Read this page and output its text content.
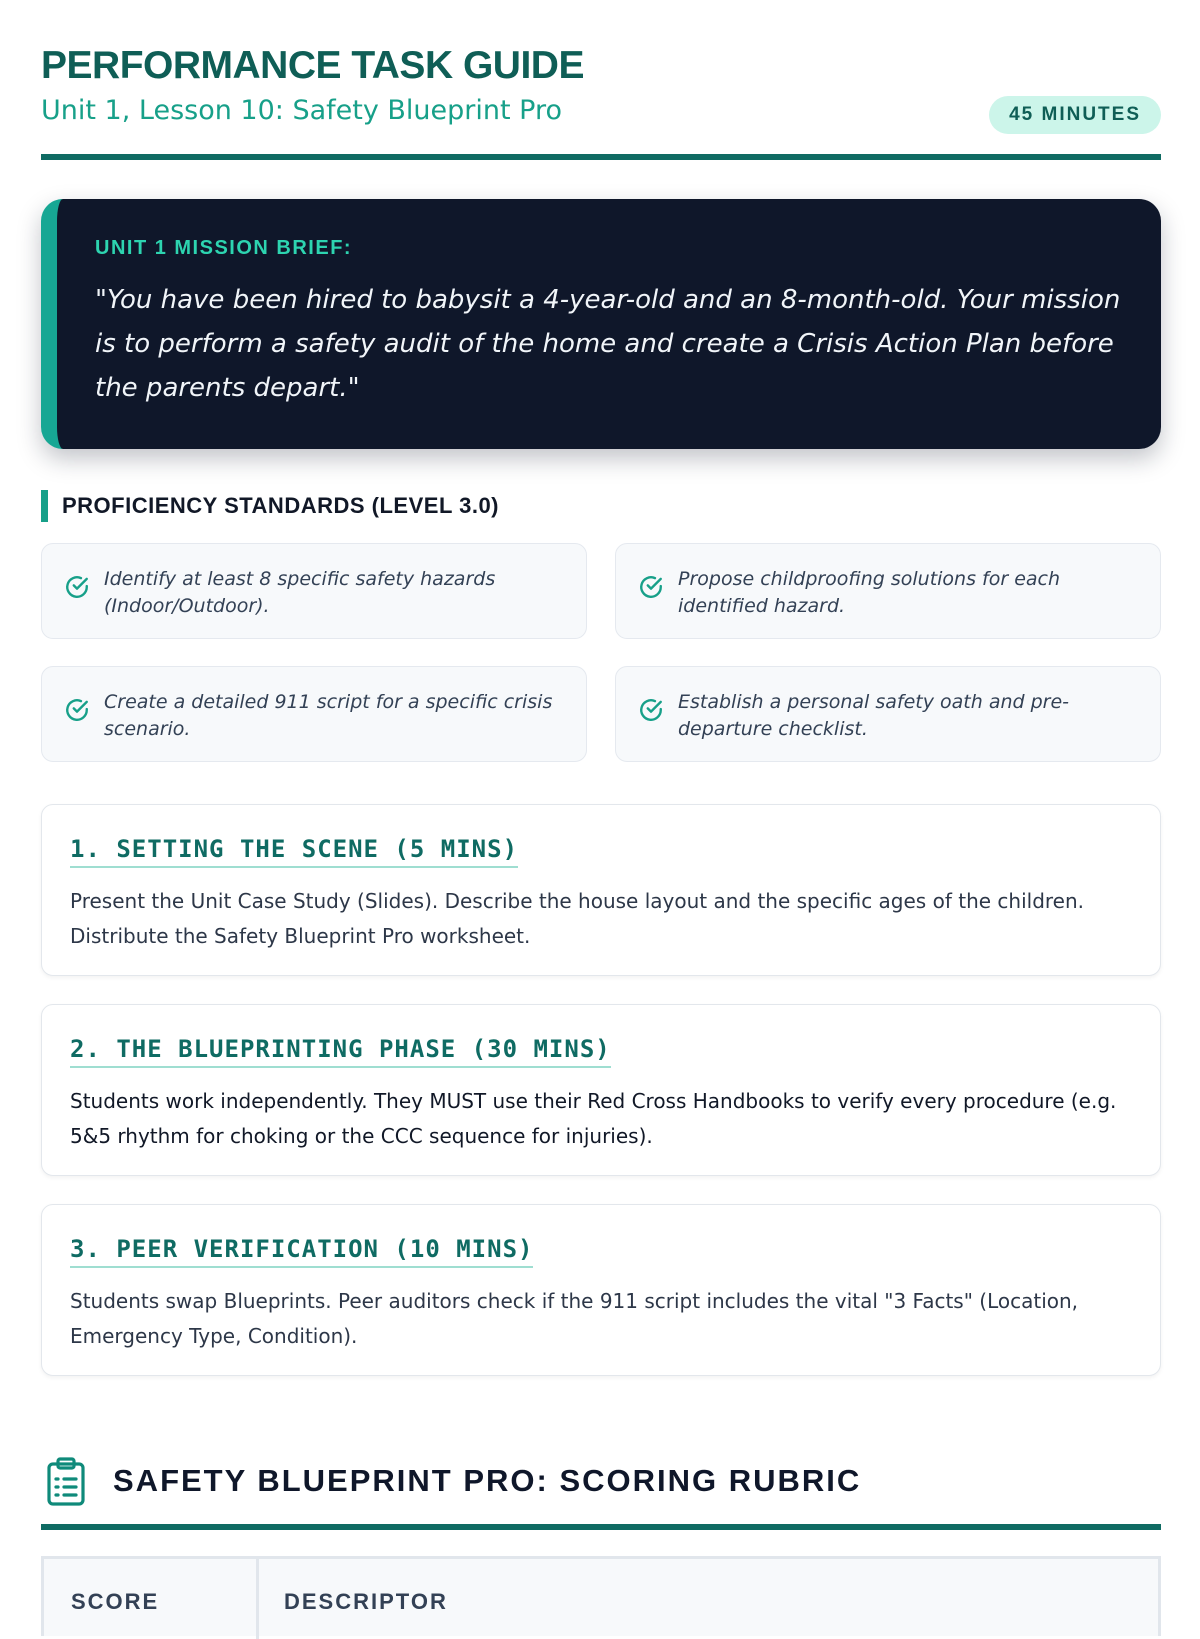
PERFORMANCE TASK GUIDE
Unit 1, Lesson 10: Safety Blueprint Pro	45 MINUTES
UNIT 1 MISSION BRIEF:
"You have been hired to babysit a 4-year-old and an 8-month-old. Your mission is to perform a safety audit of the home and create a Crisis Action Plan before the parents depart."
PROFICIENCY STANDARDS (LEVEL 3.0)
Identify at least 8 specific safety hazards (Indoor/Outdoor).
Propose childproofing solutions for each identified hazard.
Create a detailed 911 script for a specific crisis scenario.
Establish a personal safety oath and pre-departure checklist.
1. SETTING THE SCENE (5 MINS)
Present the Unit Case Study (Slides). Describe the house layout and the specific ages of the children. Distribute the Safety Blueprint Pro worksheet.
2. THE BLUEPRINTING PHASE (30 MINS)
Students work independently. They MUST use their Red Cross Handbooks to verify every procedure (e.g. 5&5 rhythm for choking or the CCC sequence for injuries).
3. PEER VERIFICATION (10 MINS)
Students swap Blueprints. Peer auditors check if the 911 script includes the vital "3 Facts" (Location, Emergency Type, Condition).
SAFETY BLUEPRINT PRO: SCORING RUBRIC
SCORE	DESCRIPTOR
